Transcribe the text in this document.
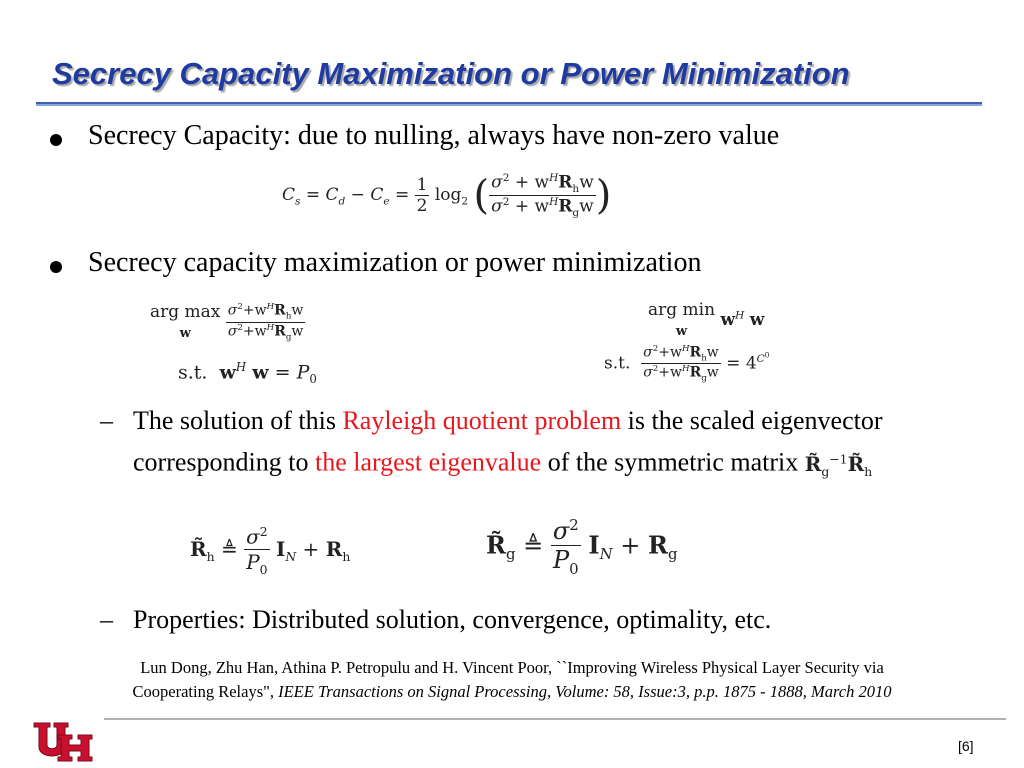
Secrecy Capacity Maximization or Power Minimization
Secrecy Capacity: due to nulling, always have non-zero value
$C_s = C_d - C_e = \frac{1}{2} \log_2$ ( $\frac{\sigma^2 + w^HR_hw}{\sigma^2 + w^HR_gw}$ )
Secrecy capacity maximization or power minimization
arg max
w	$\frac{\sigma^2+w^HR_hw}{\sigma^2+w^HR_gw}$
s.t.  $w^H$ $w = P_0$
arg min
w $w^H$ w
s.t. $\frac{\sigma^2+w^HR_hw}{\sigma^2+w^HR_gw} = 4^{C^0}$
– The solution of this Rayleigh quotient problem is the scaled eigenvector corresponding to the largest eigenvalue of the symmetric matrix $R̃_g^{-1}R̃_h$
$R̃_h$ ≜ $\frac{\sigma^2}{P_0} I_N + R_h$	$R̃_g$ ≜ $\frac{\sigma^2}{P_0} I_N + R_g$
– Properties: Distributed solution, convergence, optimality, etc.
Lun Dong, Zhu Han, Athina P. Petropulu and H. Vincent Poor, ``Improving Wireless Physical Layer Security via
Cooperating Relays", IEEE Transactions on Signal Processing, Volume: 58, Issue:3, p.p. 1875 - 1888, March 2010
[6]
